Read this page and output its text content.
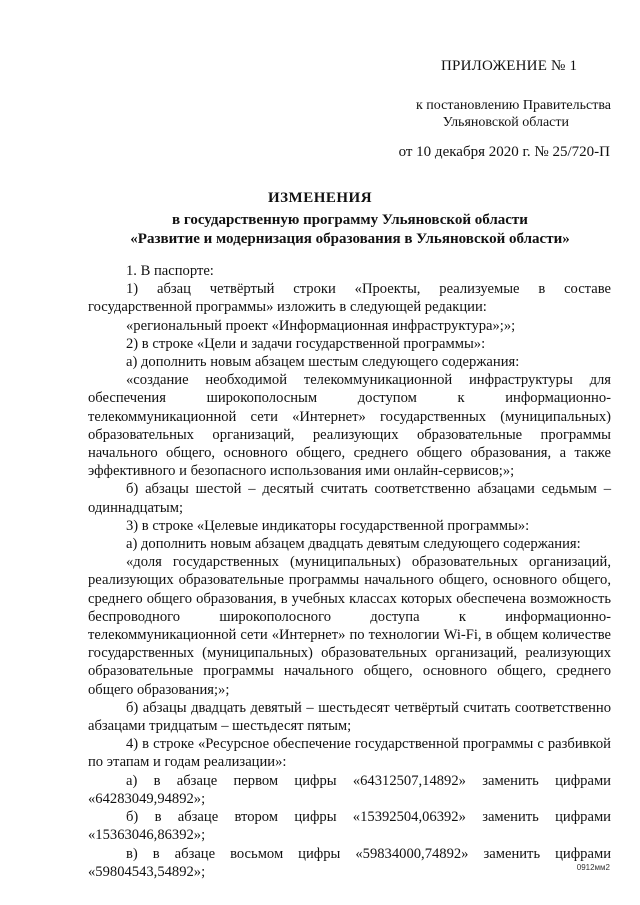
ПРИЛОЖЕНИЕ № 1
к постановлению Правительства

Ульяновской области
от 10 декабря 2020 г. № 25/720-П
ИЗМЕНЕНИЯ
в государственную программу Ульяновской области
«Развитие и модернизация образования в Ульяновской области»

1. В паспорте:

1) абзац четвёртый строки «Проекты, реализуемые в составе государственной программы» изложить в следующей редакции:

«региональный проект «Информационная инфраструктура»;»;

2) в строке «Цели и задачи государственной программы»:

а) дополнить новым абзацем шестым следующего содержания:

«создание необходимой телекоммуникационной инфраструктуры для обеспечения широкополосным доступом к информационно-телекоммуникационной сети «Интернет» государственных (муниципальных) образовательных организаций, реализующих образовательные программы начального общего, основного общего, среднего общего образования, а также эффективного и безопасного использования ими онлайн-сервисов;»;

б) абзацы шестой – десятый считать соответственно абзацами седьмым – одиннадцатым;

3) в строке «Целевые индикаторы государственной программы»:

а) дополнить новым абзацем двадцать девятым следующего содержания:

«доля государственных (муниципальных) образовательных организаций, реализующих образовательные программы начального общего, основного общего, среднего общего образования, в учебных классах которых обеспечена возможность беспроводного широкополосного доступа к информационно-телекоммуникационной сети «Интернет» по технологии Wi-Fi, в общем количестве государственных (муниципальных) образовательных организаций, реализующих образовательные программы начального общего, основного общего, среднего общего образования;»;

б) абзацы двадцать девятый – шестьдесят четвёртый считать соответственно абзацами тридцатым – шестьдесят пятым;

4) в строке «Ресурсное обеспечение государственной программы с разбивкой по этапам и годам реализации»:

а) в абзаце первом цифры «64312507,14892» заменить цифрами «64283049,94892»;

б) в абзаце втором цифры «15392504,06392» заменить цифрами «15363046,86392»;

в) в абзаце восьмом цифры «59834000,74892» заменить цифрами «59804543,54892»;	0912мм2
